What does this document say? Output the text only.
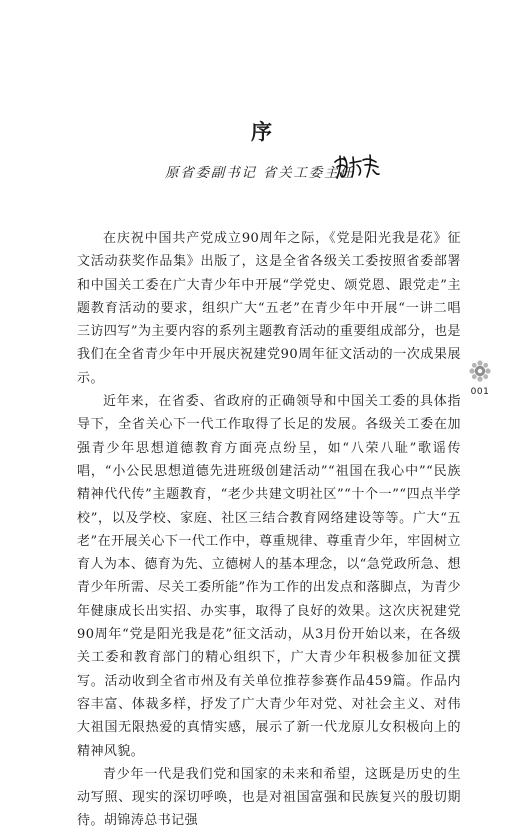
序
原省委副书记 省关工委主任

在庆祝中国共产党成立90周年之际，《党是阳光我是花》征文活动获奖作品集》出版了，这是全省各级关工委按照省委部署和中国关工委在广大青少年中开展“学党史、颂党恩、跟党走”主题教育活动的要求，组织广大“五老”在青少年中开展“一讲二唱三访四写”为主要内容的系列主题教育活动的重要组成部分，也是我们在全省青少年中开展庆祝建党90周年征文活动的一次成果展示。

近年来，在省委、省政府的正确领导和中国关工委的具体指导下，全省关心下一代工作取得了长足的发展。各级关工委在加强青少年思想道德教育方面亮点纷呈，如“八荣八耻”歌谣传唱，“小公民思想道德先进班级创建活动”“祖国在我心中”“民族精神代代传”主题教育，“老少共建文明社区”“十个一”“四点半学校”，以及学校、家庭、社区三结合教育网络建设等等。广大“五老”在开展关心下一代工作中，尊重规律、尊重青少年，牢固树立育人为本、德育为先、立德树人的基本理念，以“急党政所急、想青少年所需、尽关工委所能”作为工作的出发点和落脚点，为青少年健康成长出实招、办实事，取得了良好的效果。这次庆祝建党90周年“党是阳光我是花”征文活动，从3月份开始以来，在各级关工委和教育部门的精心组织下，广大青少年积极参加征文撰写。活动收到全省市州及有关单位推荐参赛作品459篇。作品内容丰富、体裁多样，抒发了广大青少年对党、对社会主义、对伟大祖国无限热爱的真情实感，展示了新一代龙原儿女积极向上的精神风貌。

青少年一代是我们党和国家的未来和希望，这既是历史的生动写照、现实的深切呼唤，也是对祖国富强和民族复兴的殷切期待。胡锦涛总书记强

001
